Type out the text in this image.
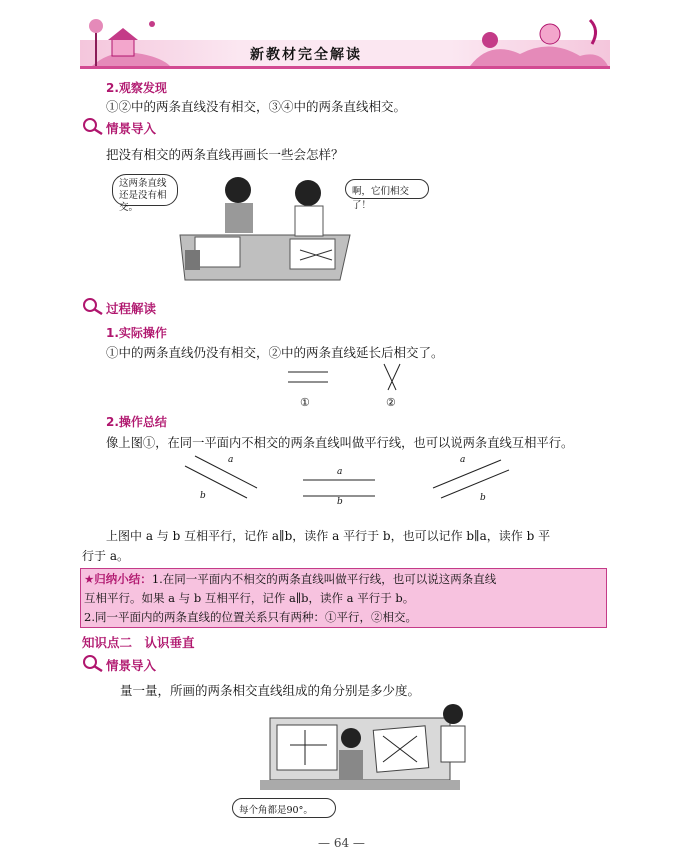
新教材完全解读
2.观察发现
①②中的两条直线没有相交，③④中的两条直线相交。
情景导入
把没有相交的两条直线再画长一些会怎样？
这两条直线还是没有相交。
啊，它们相交了！
过程解读
1.实际操作
①中的两条直线仍没有相交，②中的两条直线延长后相交了。
①	②
2.操作总结
像上图①，在同一平面内不相交的两条直线叫做平行线，也可以说两条直线互相平行。
a
b
a
b
a
b
上图中 a 与 b 互相平行，记作 a∥b，读作 a 平行于 b，也可以记作 b∥a，读作 b 平
行于 a。
★归纳小结：1.在同一平面内不相交的两条直线叫做平行线，也可以说这两条直线
互相平行。如果 a 与 b 互相平行，记作 a∥b，读作 a 平行于 b。
2.同一平面内的两条直线的位置关系只有两种：①平行，②相交。
知识点二　认识垂直
情景导入
量一量，所画的两条相交直线组成的角分别是多少度。
每个角都是90°。
— 64 —
